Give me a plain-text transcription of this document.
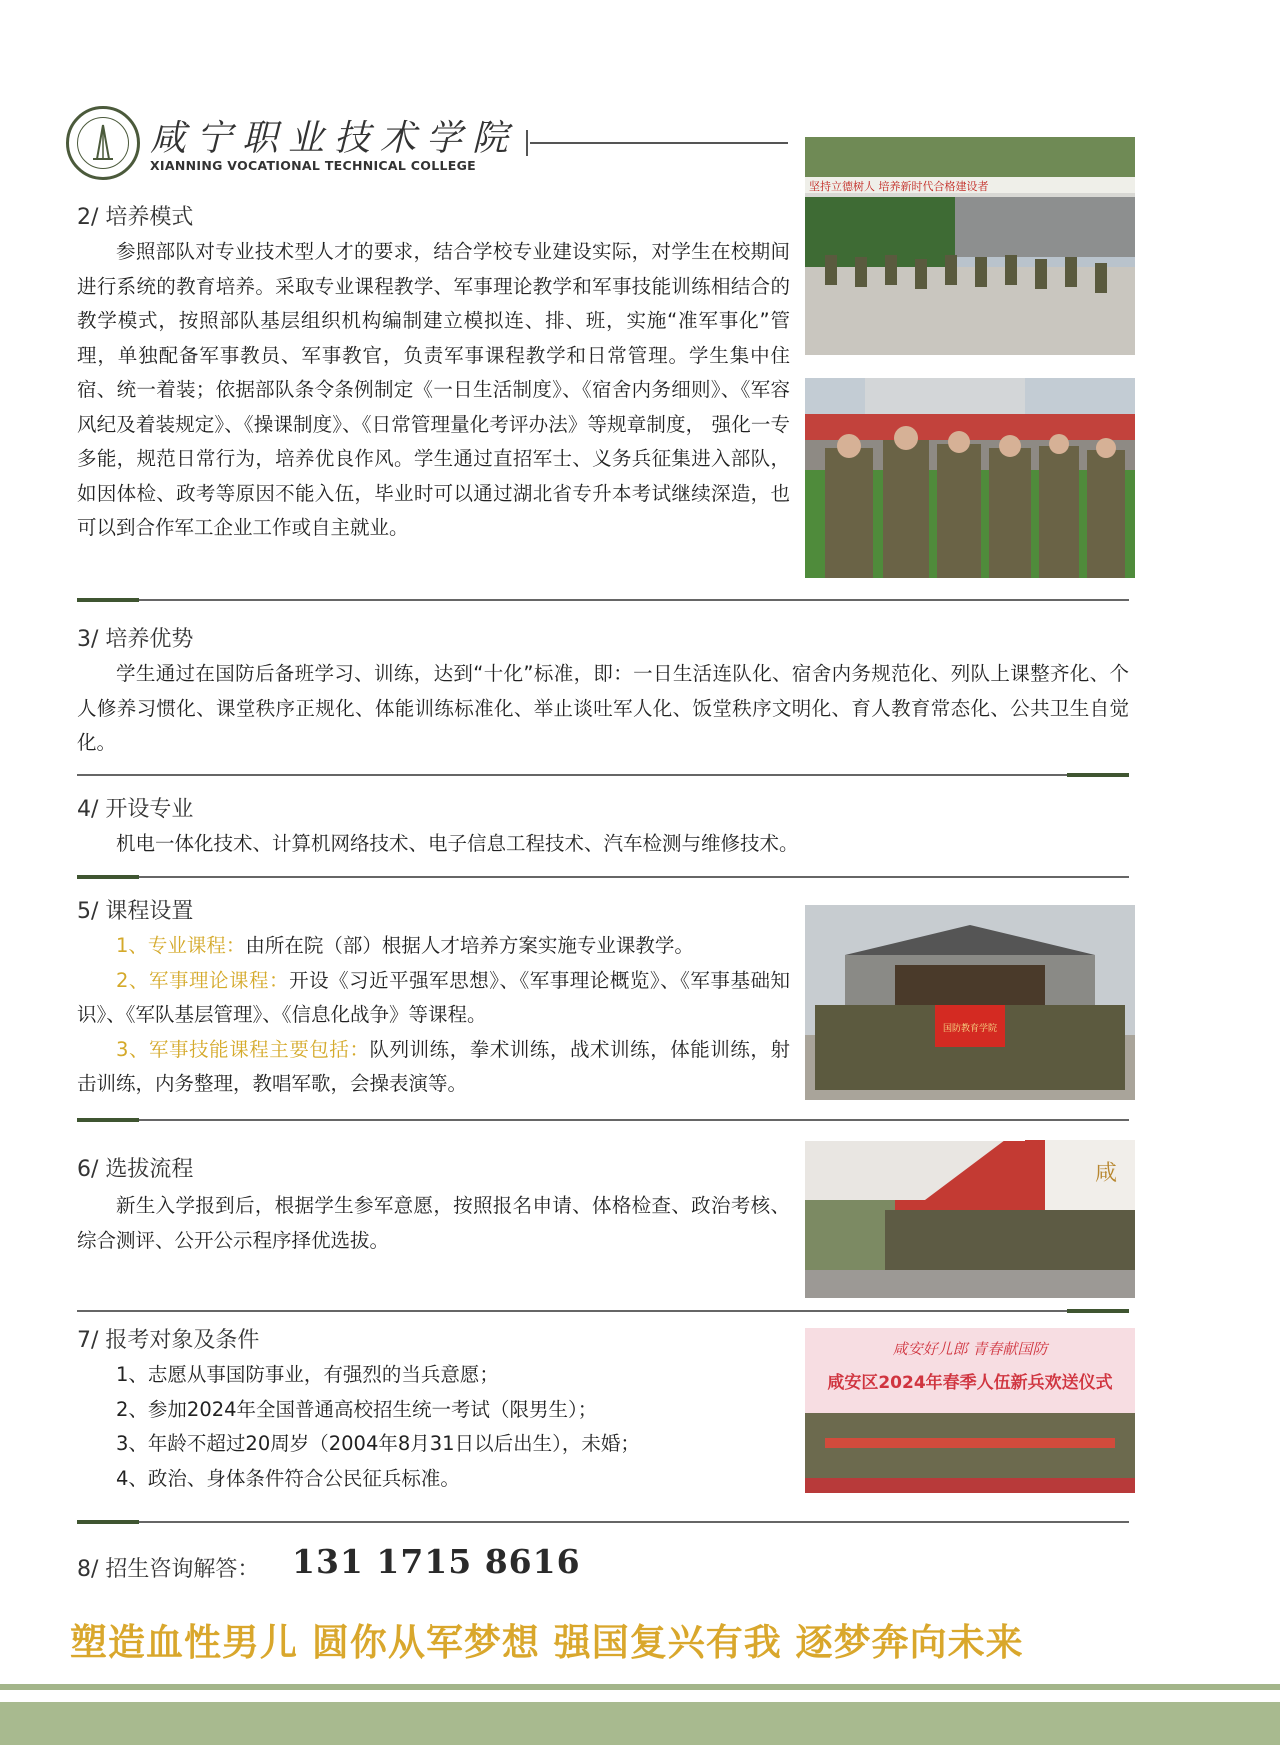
咸宁职业技术学院
XIANNING VOCATIONAL TECHNICAL COLLEGE
2/ 培养模式

参照部队对专业技术型人才的要求，结合学校专业建设实际，对学生在校期间进行系统的教育培养。采取专业课程教学、军事理论教学和军事技能训练相结合的教学模式，按照部队基层组织机构编制建立模拟连、排、班，实施“准军事化”管理，单独配备军事教员、军事教官，负责军事课程教学和日常管理。学生集中住宿、统一着装；依据部队条令条例制定《一日生活制度》、《宿舍内务细则》、《军容风纪及着装规定》、《操课制度》、《日常管理量化考评办法》等规章制度， 强化一专多能，规范日常行为，培养优良作风。学生通过直招军士、义务兵征集进入部队，如因体检、政考等原因不能入伍，毕业时可以通过湖北省专升本考试继续深造，也可以到合作军工企业工作或自主就业。

坚持立德树人 培养新时代合格建设者
3/ 培养优势

学生通过在国防后备班学习、训练，达到“十化”标准，即：一日生活连队化、宿舍内务规范化、列队上课整齐化、个人修养习惯化、课堂秩序正规化、体能训练标准化、举止谈吐军人化、饭堂秩序文明化、育人教育常态化、公共卫生自觉化。

4/ 开设专业

机电一体化技术、计算机网络技术、电子信息工程技术、汽车检测与维修技术。

5/ 课程设置

1、专业课程：由所在院（部）根据人才培养方案实施专业课教学。

2、军事理论课程：开设《习近平强军思想》、《军事理论概览》、《军事基础知识》、《军队基层管理》、《信息化战争》等课程。

3、军事技能课程主要包括：队列训练，拳术训练，战术训练，体能训练，射击训练，内务整理，教唱军歌，会操表演等。

国防教育学院
6/ 选拔流程

新生入学报到后，根据学生参军意愿，按照报名申请、体格检查、政治考核、综合测评、公开公示程序择优选拔。

咸
7/ 报考对象及条件

1、志愿从事国防事业，有强烈的当兵意愿；

2、参加2024年全国普通高校招生统一考试（限男生）；

3、年龄不超过20周岁（2004年8月31日以后出生），未婚；

4、政治、身体条件符合公民征兵标准。

咸安好儿郎 青春献国防
咸安区2024年春季人伍新兵欢送仪式
8/ 招生咨询解答： 131 1715 8616
塑造血性男儿 圆你从军梦想 强国复兴有我 逐梦奔向未来
